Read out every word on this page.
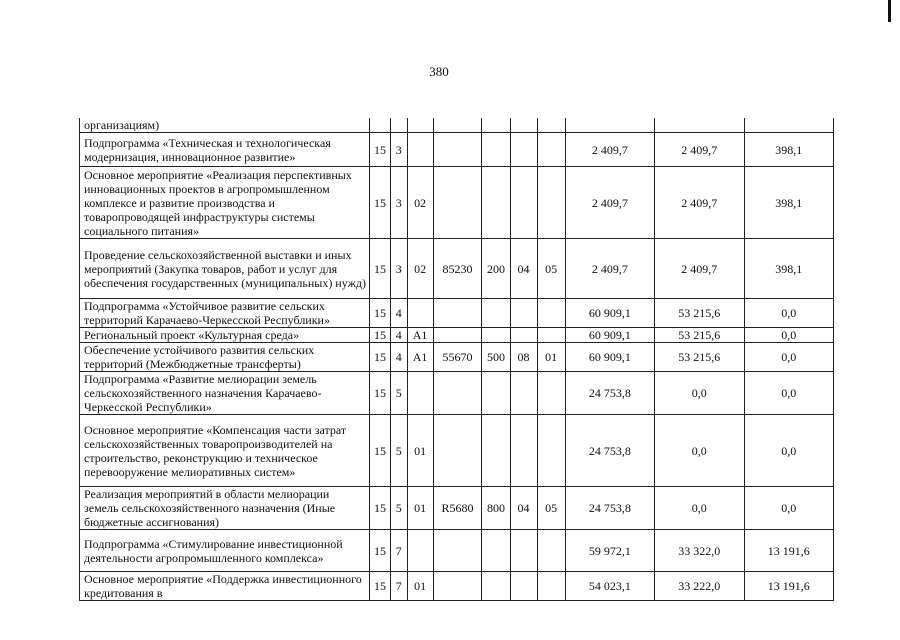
380
организациям)										
Подпрограмма «Техническая и технологическая модернизация, инновационное развитие»	15	3						2 409,7	2 409,7	398,1
Основное мероприятие «Реализация перспективных инновационных проектов в агропромышленном комплексе и развитие производства и товаропроводящей инфраструктуры системы социального питания»	15	3	02					2 409,7	2 409,7	398,1
Проведение сельскохозяйственной выставки и иных мероприятий (Закупка товаров, работ и услуг для обеспечения государственных (муниципальных) нужд)	15	3	02	85230	200	04	05	2 409,7	2 409,7	398,1
Подпрограмма «Устойчивое развитие сельских территорий Карачаево-Черкесской Республики»	15	4						60 909,1	53 215,6	0,0
Региональный проект «Культурная среда»	15	4	A1					60 909,1	53 215,6	0,0
Обеспечение устойчивого развития сельских территорий (Межбюджетные трансферты)	15	4	A1	55670	500	08	01	60 909,1	53 215,6	0,0
Подпрограмма «Развитие мелиорации земель сельскохозяйственного назначения Карачаево-Черкесской Республики»	15	5						24 753,8	0,0	0,0
Основное мероприятие «Компенсация части затрат сельскохозяйственных товаропроизводителей на строительство, реконструкцию и техническое перевооружение мелиоративных систем»	15	5	01					24 753,8	0,0	0,0
Реализация мероприятий в области мелиорации земель сельскохозяйственного назначения (Иные бюджетные ассигнования)	15	5	01	R5680	800	04	05	24 753,8	0,0	0,0
Подпрограмма «Стимулирование инвестиционной деятельности агропромышленного комплекса»	15	7						59 972,1	33 322,0	13 191,6
Основное мероприятие «Поддержка инвестиционного кредитования в	15	7	01					54 023,1	33 222,0	13 191,6
